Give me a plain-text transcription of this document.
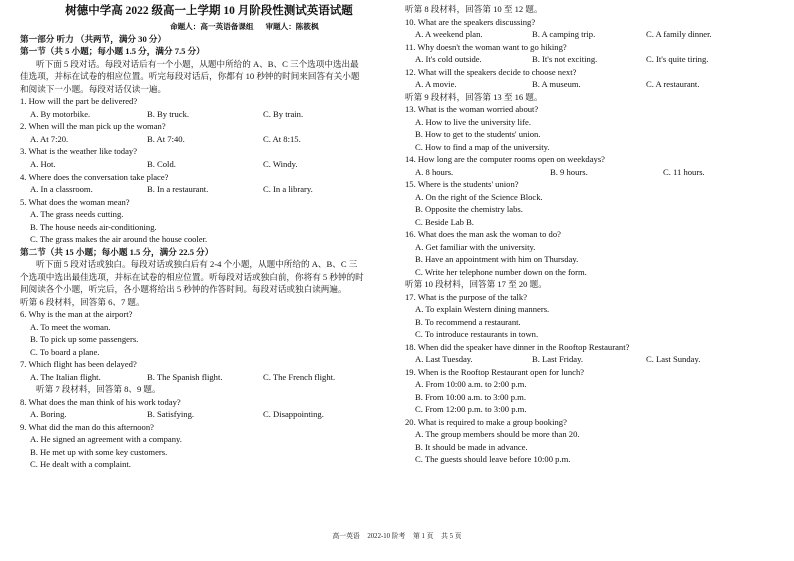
树德中学高 2022 级高一上学期 10 月阶段性测试英语试题
命题人：高一英语备课组 审题人：陈筱枫
第一部分 听力 （共两节，满分 30 分）
第一节（共 5 小题；每小题 1.5 分，满分 7.5 分）
听下面 5 段对话。每段对话后有一个小题，从题中所给的 A、B、C 三个选项中选出最
佳选项，并标在试卷的相应位置。听完每段对话后，你都有 10 秒钟的时间来回答有关小题
和阅读下一小题。每段对话仅读一遍。
1. How will the part be delivered?
A. By motorbike.	B. By truck.	C. By train.
2. When will the man pick up the woman?
A. At 7:20.	B. At 7:40.	C. At 8:15.
3. What is the weather like today?
A. Hot.	B. Cold.	C. Windy.
4. Where does the conversation take place?
A. In a classroom.	B. In a restaurant.	C. In a library.
5. What does the woman mean?
A. The grass needs cutting.
B. The house needs air-conditioning.
C. The grass makes the air around the house cooler.
第二节（共 15 小题；每小题 1.5 分，满分 22.5 分）
听下面 5 段对话或独白。每段对话或独白后有 2-4 个小题，从题中所给的 A、B、C 三
个选项中选出最佳选项，并标在试卷的相应位置。听每段对话或独白前，你将有 5 秒钟的时
间阅读各个小题，听完后，各小题将给出 5 秒钟的作答时间。每段对话或独白读两遍。
听第 6 段材料，回答第 6、7 题。
6. Why is the man at the airport?
A. To meet the woman.
B. To pick up some passengers.
C. To board a plane.
7. Which flight has been delayed?
A. The Italian flight.	B. The Spanish flight.	C. The French flight.
听第 7 段材料，回答第 8、9 题。
8. What does the man think of his work today?
A. Boring.	B. Satisfying.	C. Disappointing.
9. What did the man do this afternoon?
A. He signed an agreement with a company.
B. He met up with some key customers.
C. He dealt with a complaint.
听第 8 段材料，回答第 10 至 12 题。
10. What are the speakers discussing?
A. A weekend plan.	B. A camping trip.	C. A family dinner.
11. Why doesn't the woman want to go hiking?
A. It's cold outside.	B. It's not exciting.	C. It's quite tiring.
12. What will the speakers decide to choose next?
A. A movie.	B. A museum.	C. A restaurant.
听第 9 段材料，回答第 13 至 16 题。
13. What is the woman worried about?
A. How to live the university life.
B. How to get to the students' union.
C. How to find a map of the university.
14. How long are the computer rooms open on weekdays?
A. 8 hours.	B. 9 hours.	C. 11 hours.
15. Where is the students' union?
A. On the right of the Science Block.
B. Opposite the chemistry labs.
C. Beside Lab B.
16. What does the man ask the woman to do?
A. Get familiar with the university.
B. Have an appointment with him on Thursday.
C. Write her telephone number down on the form.
听第 10 段材料，回答第 17 至 20 题。
17. What is the purpose of the talk?
A. To explain Western dining manners.
B. To recommend a restaurant.
C. To introduce restaurants in town.
18. When did the speaker have dinner in the Rooftop Restaurant?
A. Last Tuesday.	B. Last Friday.	C. Last Sunday.
19. When is the Rooftop Restaurant open for lunch?
A. From 10:00 a.m. to 2:00 p.m.
B. From 10:00 a.m. to 3:00 p.m.
C. From 12:00 p.m. to 3:00 p.m.
20. What is required to make a group booking?
A. The group members should be more than 20.
B. It should be made in advance.
C. The guests should leave before 10:00 p.m.
高一英语 2022-10 阶考 第 1 页 共 5 页
